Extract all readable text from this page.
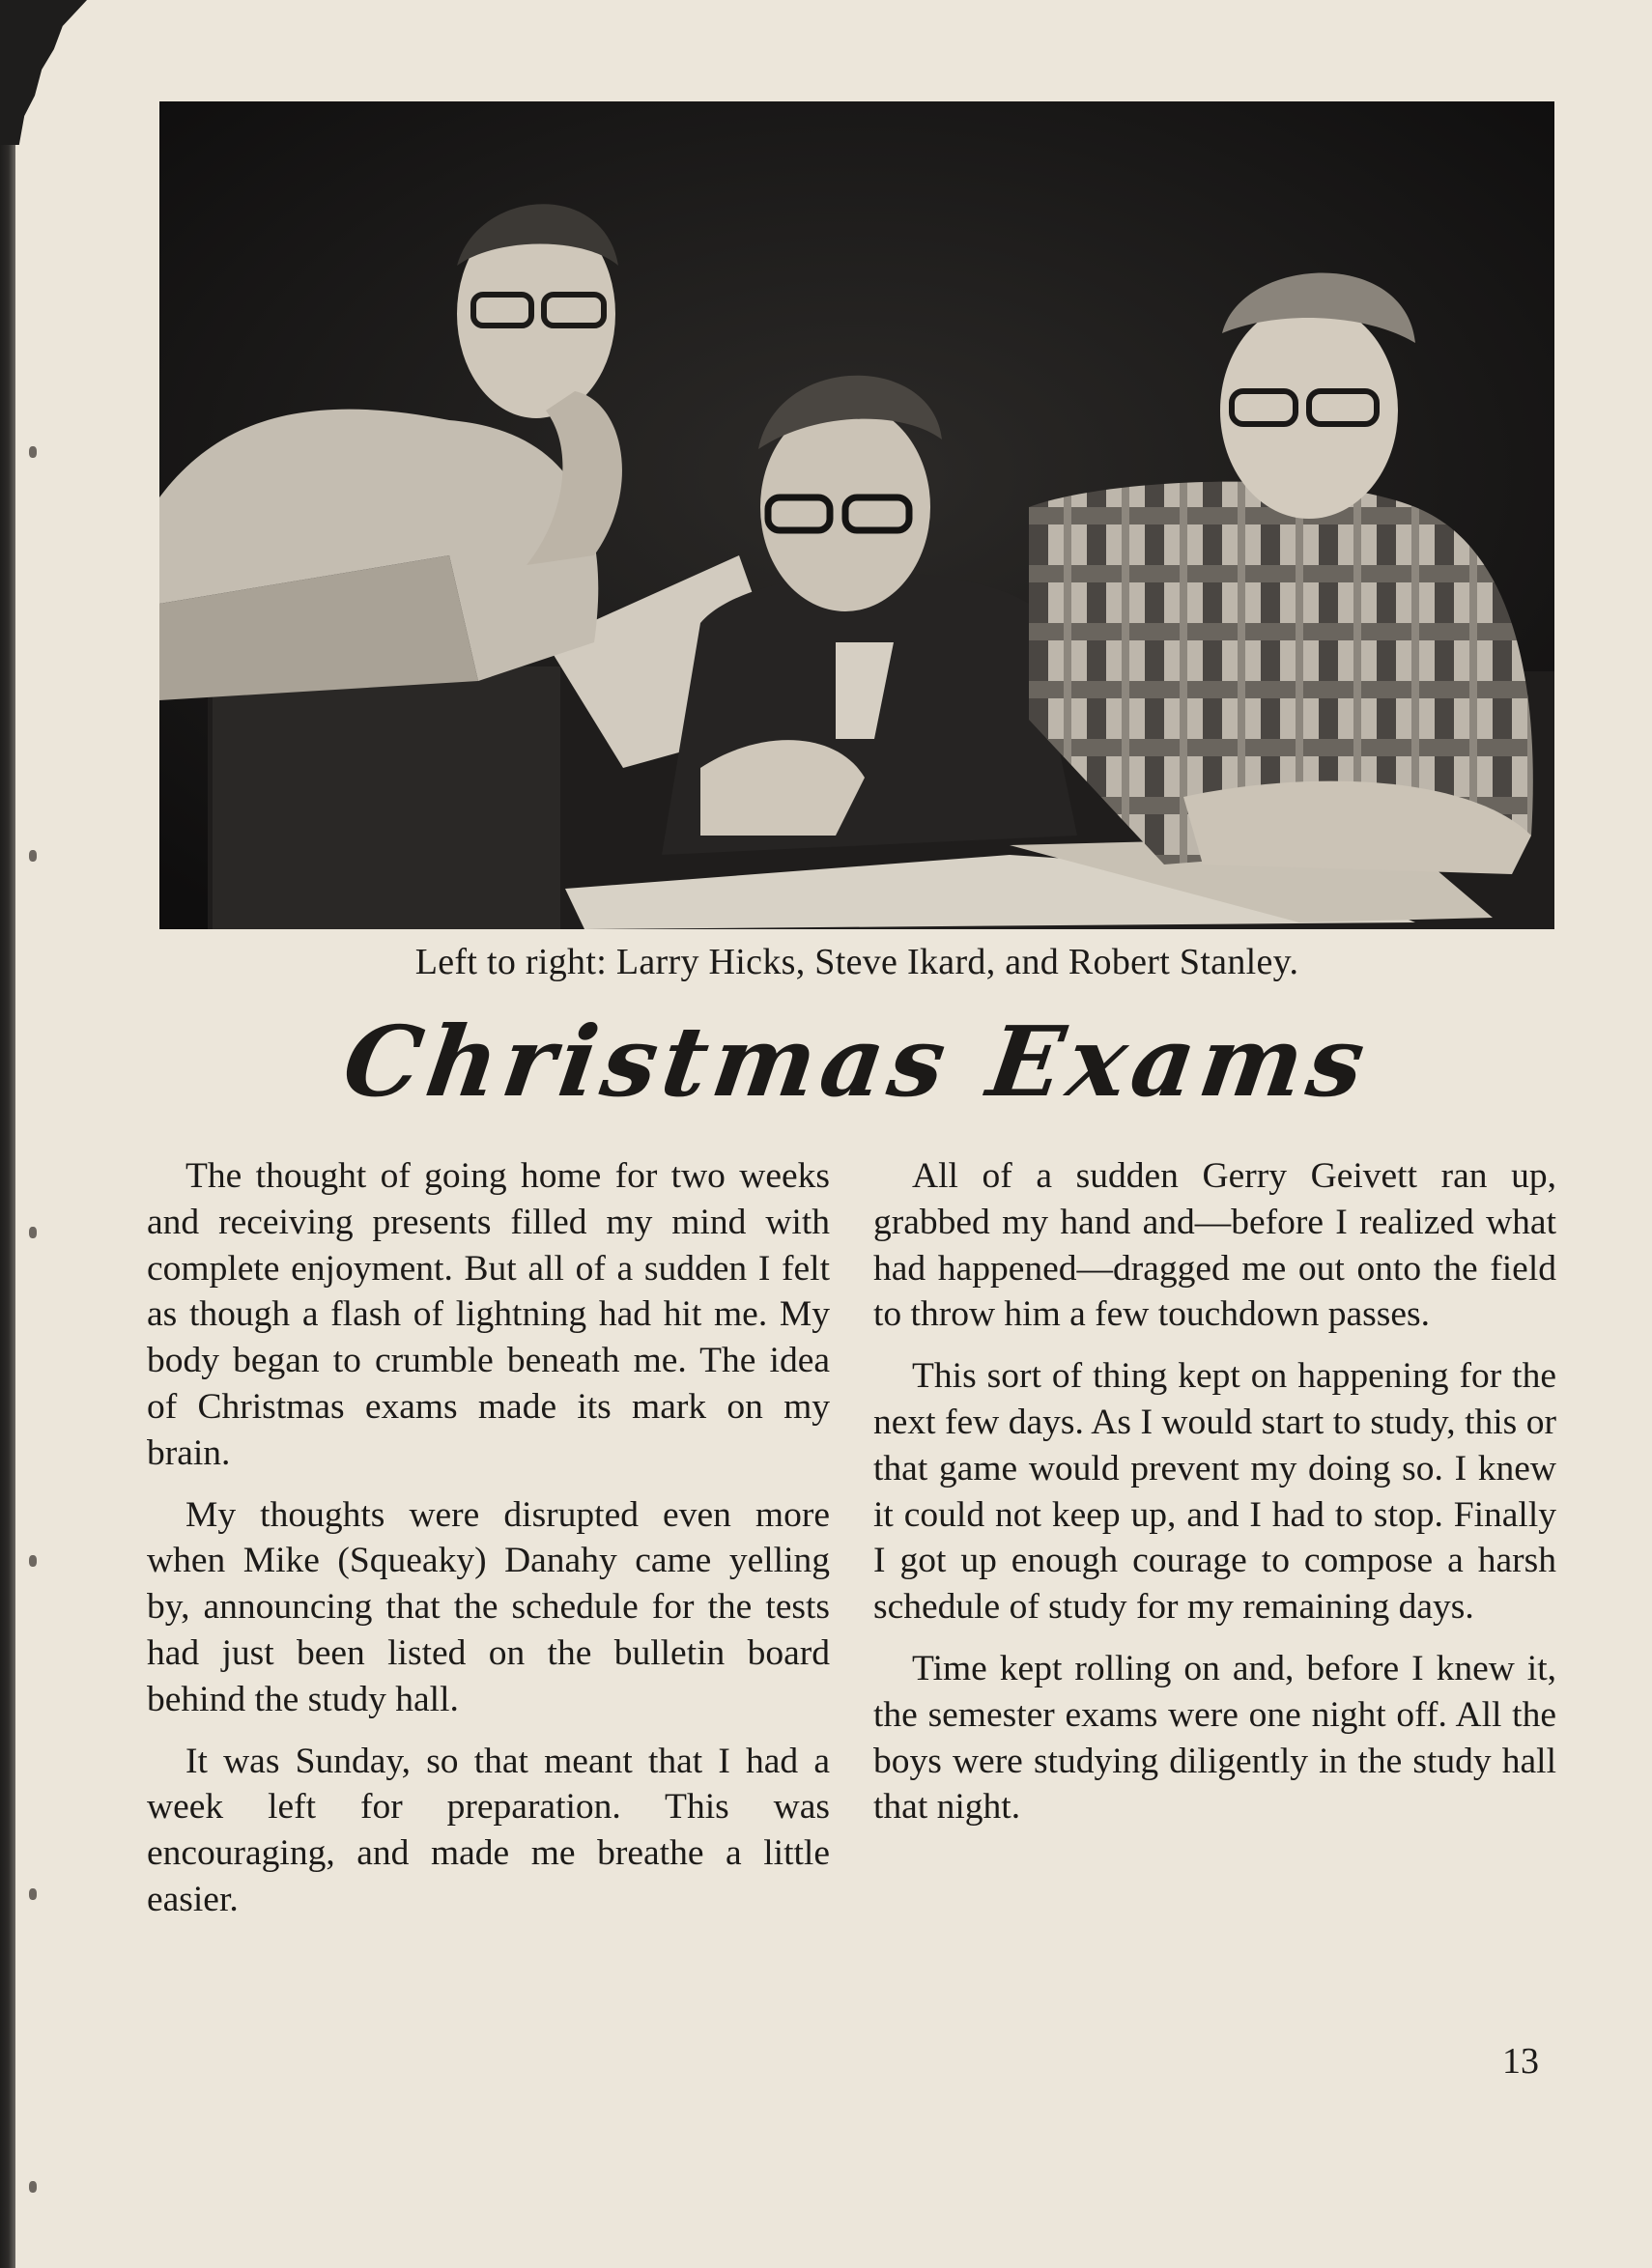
Left to right: Larry Hicks, Steve Ikard, and Robert Stanley.
Christmas Exams

The thought of going home for two weeks and receiving presents filled my mind with complete enjoyment. But all of a sudden I felt as though a flash of lightning had hit me. My body began to crumble beneath me. The idea of Christmas exams made its mark on my brain.

My thoughts were disrupted even more when Mike (Squeaky) Danahy came yelling by, announcing that the schedule for the tests had just been listed on the bulletin board behind the study hall.

It was Sunday, so that meant that I had a week left for preparation. This was encouraging, and made me breathe a little easier.

All of a sudden Gerry Geivett ran up, grabbed my hand and—before I realized what had happened—dragged me out onto the field to throw him a few touchdown passes.

This sort of thing kept on happening for the next few days. As I would start to study, this or that game would prevent my doing so. I knew it could not keep up, and I had to stop. Finally I got up enough courage to compose a harsh schedule of study for my remaining days.

Time kept rolling on and, before I knew it, the semester exams were one night off. All the boys were studying diligently in the study hall that night.

13
